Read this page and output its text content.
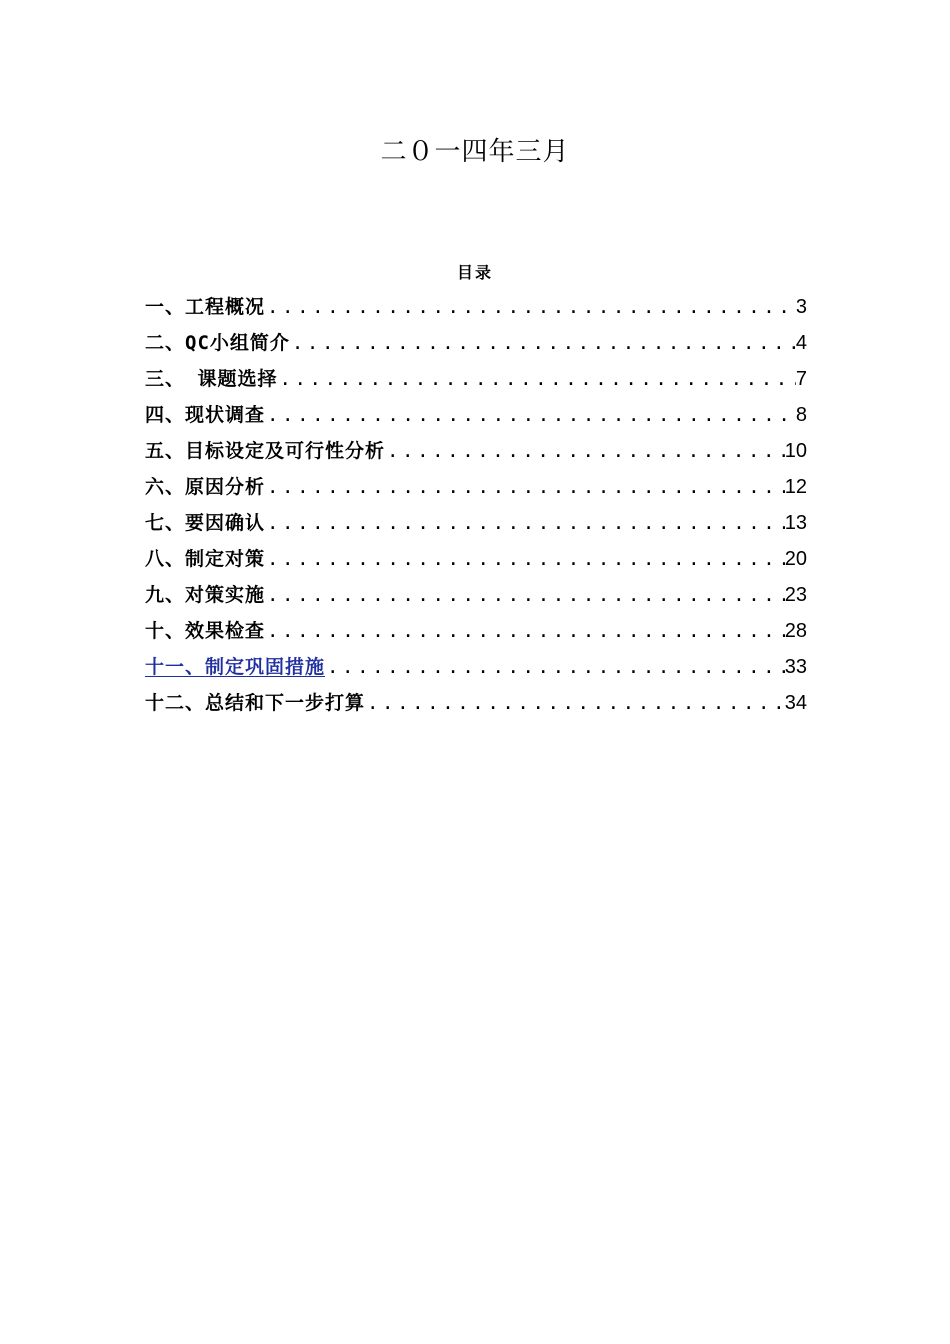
二０一四年三月
目录
一、工程概况 .....	3
二、QC小组简介 .....	4
三、 课题选择 .....	7
四、现状调查 .....	8
五、目标设定及可行性分析 .....	10
六、原因分析 .....	12
七、要因确认 .....	13
八、制定对策 .....	20
九、对策实施 .....	23
十、效果检查 .....	28
十一、制定巩固措施 .....	33
十二、总结和下一步打算 .....	34
